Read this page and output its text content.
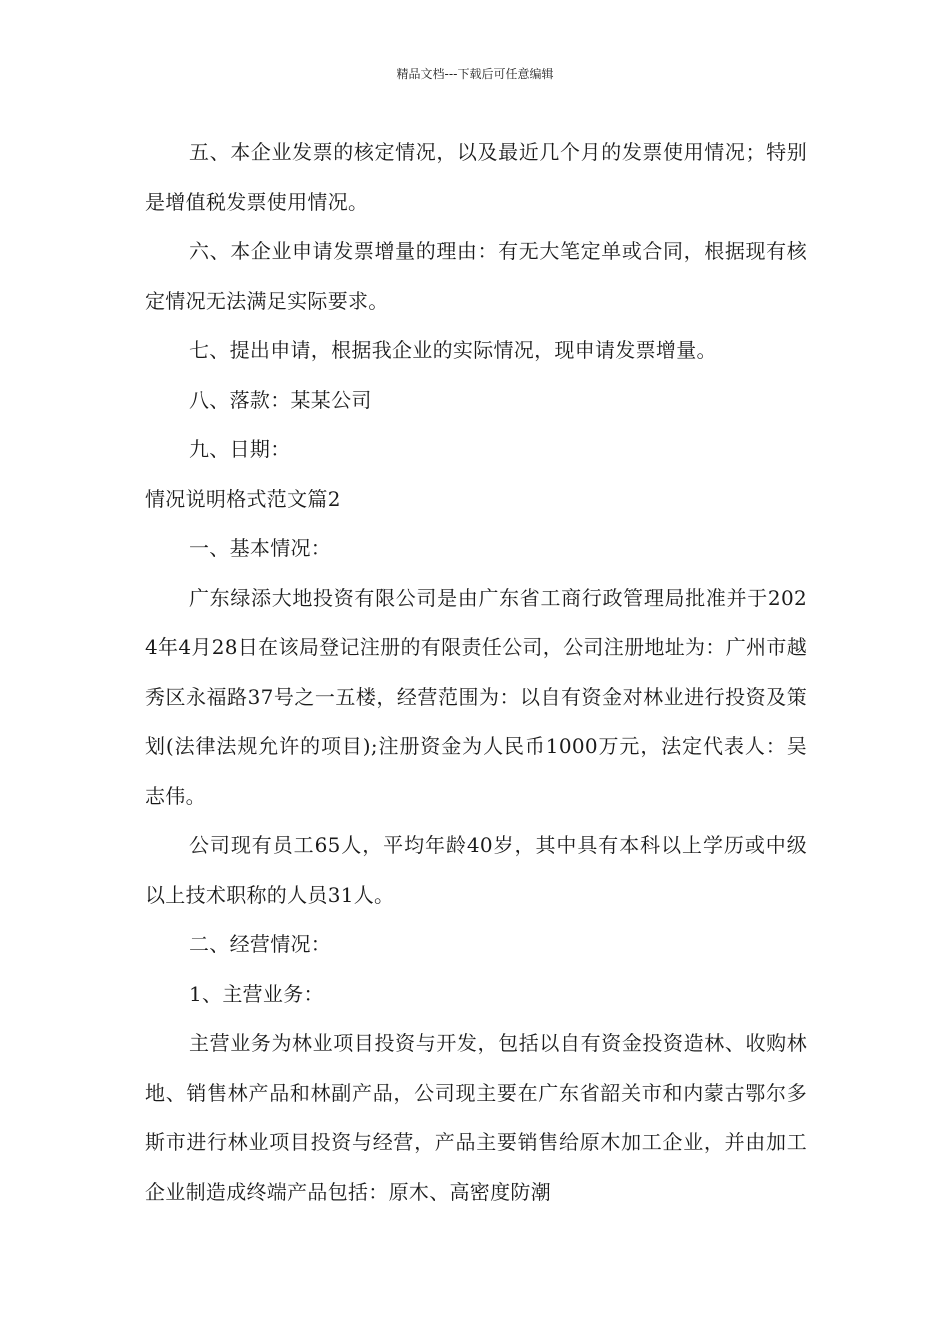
精品文档---下载后可任意编辑

五、本企业发票的核定情况，以及最近几个月的发票使用情况；特别是增值税发票使用情况。

六、本企业申请发票增量的理由：有无大笔定单或合同，根据现有核定情况无法满足实际要求。

七、提出申请，根据我企业的实际情况，现申请发票增量。

八、落款：某某公司

九、日期：

情况说明格式范文篇2

一、基本情况：

广东绿添大地投资有限公司是由广东省工商行政管理局批准并于2024年4月28日在该局登记注册的有限责任公司，公司注册地址为：广州市越秀区永福路37号之一五楼，经营范围为：以自有资金对林业进行投资及策划(法律法规允许的项目);注册资金为人民币1000万元，法定代表人：吴志伟。

公司现有员工65人，平均年龄40岁，其中具有本科以上学历或中级以上技术职称的人员31人。

二、经营情况：

1、主营业务：

主营业务为林业项目投资与开发，包括以自有资金投资造林、收购林地、销售林产品和林副产品，公司现主要在广东省韶关市和内蒙古鄂尔多斯市进行林业项目投资与经营，产品主要销售给原木加工企业，并由加工企业制造成终端产品包括：原木、高密度防潮
